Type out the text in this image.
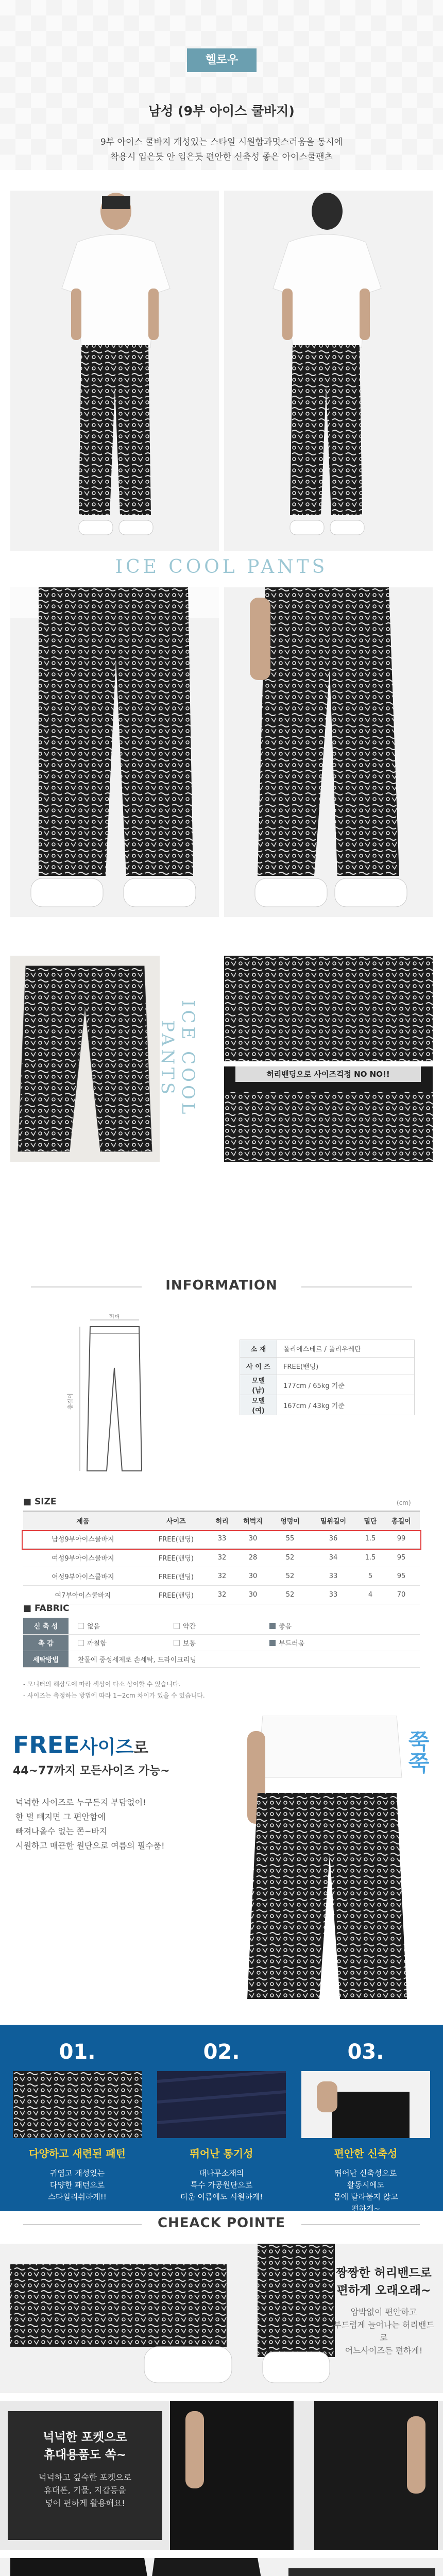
헬로우
남성 (9부 아이스 쿨바지)
9부 아이스 쿨바지 개성있는 스타일 시원함과멋스러움을 동시에
착용시 입은듯 안 입은듯 편안한 신축성 좋은 아이스쿨팬츠
ICE COOL PANTS
ICE COOL PANTS	허리밴딩으로 사이즈걱정 NO NO!!
INFORMATION
허리
총길이
소 재	폴리에스테르 / 폴리우레탄
사 이 즈	FREE(밴딩)
모델 (남)	177cm / 65kg 기준
모델 (여)	167cm / 43kg 기준
■ SIZE	(cm)
제품	사이즈	허리	허벅지	엉덩이	밑위길이	밑단	총길이
남성9부아이스쿨바지	FREE(밴딩)	33	30	55	36	1.5	99
여성9부아이스쿨바지	FREE(밴딩)	32	28	52	34	1.5	95
여성9부아이스쿨바지	FREE(밴딩)	32	30	52	33	5	95
여7부아이스쿨바지	FREE(밴딩)	32	30	52	33	4	70
■ FABRIC
신 축 성	없음 약간 좋음
촉 감	까칠함 보통 부드러움
세탁방법	찬물에 중성세제로 손세탁, 드라이크리닝
- 모니터의 해상도에 따라 색상이 다소 상이할 수 있습니다.
- 사이즈는 측정하는 방법에 따라 1~2cm 차이가 있을 수 있습니다.
FREE사이즈로
44~77까지 모든사이즈 가능~
넉넉한 사이즈로 누구든지 부담없이!
한 벌 빼지면 그 편안함에
빠져나올수 없는 쫀~바지
시원하고 매끈한 원단으로 여름의 필수품!
쭉쭉
01.
다양하고 새련된 패턴
귀엽고 개성있는
다양한 패턴으로
스타일리쉬하게!!
02.
뛰어난 통기성
대나무소재의
특수 가공원단으로
더운 여름에도 시원하게!
03.
편안한 신축성
뛰어난 신축성으로
활동시에도
몸에 달라붙지 않고
편하게~
CHEACK POINTE
짱짱한 허리밴드로
편하게 오래오래~
압박없이 편안하고
부드럽게 늘어나는 허리밴드로
어느사이즈든 편하게!
넉넉한 포켓으로
휴대용품도 쏙~
넉넉하고 깊숙한 포켓으로
휴대폰, 기물, 지갑등을
넣어 편하게 활용해요!
